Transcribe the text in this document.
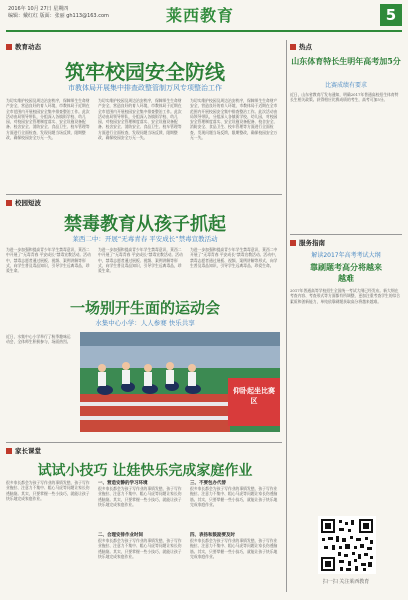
2016年 10月 27日 星期四
编辑：戴红红 版面：张丽 gh113@163.com	莱西教育	5
教育动态
筑牢校园安全防线
市教体局开展集中排查政整管制万风专项整治工作
为切实维护校园及周边治安秩序，保障师生生命财产安全，营造良好的育人环境，市教体局于近期在全市范围内开展校园安全集中排查整治工作。此次活动由局领导带队，分组深入各镇街学校、幼儿园，对校园安全管理制度落实、安全设施设备配备、校舍安全、消防安全、食品卫生、校车管理等方面进行全面检查，发现问题当场反馈，限期整改，确保校园安全万无一失。
为切实维护校园及周边治安秩序，保障师生生命财产安全，营造良好的育人环境，市教体局于近期在全市范围内开展校园安全集中排查整治工作。此次活动由局领导带队，分组深入各镇街学校、幼儿园，对校园安全管理制度落实、安全设施设备配备、校舍安全、消防安全、食品卫生、校车管理等方面进行全面检查，发现问题当场反馈，限期整改，确保校园安全万无一失。
为切实维护校园及周边治安秩序，保障师生生命财产安全，营造良好的育人环境，市教体局于近期在全市范围内开展校园安全集中排查整治工作。此次活动由局领导带队，分组深入各镇街学校、幼儿园，对校园安全管理制度落实、安全设施设备配备、校舍安全、消防安全、食品卫生、校车管理等方面进行全面检查，发现问题当场反馈，限期整改，确保校园安全万无一失。
校园短波
禁毒教育从孩子抓起
莱西二中：开展“无毒青春 平安成长”禁毒宣教活动
为进一步加强和提高青少年学生禁毒意识，莱西二中开展了“无毒青春 平安成长”禁毒宣教活动。活动中，禁毒志愿者通过展板、视频、案例讲解等形式，向学生普及毒品知识，引导学生远离毒品，珍爱生命。
为进一步加强和提高青少年学生禁毒意识，莱西二中开展了“无毒青春 平安成长”禁毒宣教活动。活动中，禁毒志愿者通过展板、视频、案例讲解等形式，向学生普及毒品知识，引导学生远离毒品，珍爱生命。
为进一步加强和提高青少年学生禁毒意识，莱西二中开展了“无毒青春 平安成长”禁毒宣教活动。活动中，禁毒志愿者通过展板、视频、案例讲解等形式，向学生普及毒品知识，引导学生远离毒品，珍爱生命。
一场别开生面的运动会
水集中心小学：人人参赛 快乐共享
近日，水集中心小学举行了秋季趣味运动会，全体师生积极参与，场面热烈。
仰卧起坐比赛区
家长课堂
试试小技巧 让娃快乐完成家庭作业
很多家长都会为孩子写作业的事情发愁，孩子写作业拖拉、注意力不集中、粗心马虎等问题让家长伤透脑筋。其实，只要掌握一些小技巧，就能让孩子快乐地完成家庭作业。
一、营造安静的学习环境
很多家长都会为孩子写作业的事情发愁，孩子写作业拖拉、注意力不集中、粗心马虎等问题让家长伤透脑筋。其实，只要掌握一些小技巧，就能让孩子快乐地完成家庭作业。
二、合理安排作业时间
很多家长都会为孩子写作业的事情发愁，孩子写作业拖拉、注意力不集中、粗心马虎等问题让家长伤透脑筋。其实，只要掌握一些小技巧，就能让孩子快乐地完成家庭作业。
三、不要包办代替
很多家长都会为孩子写作业的事情发愁，孩子写作业拖拉、注意力不集中、粗心马虎等问题让家长伤透脑筋。其实，只要掌握一些小技巧，就能让孩子快乐地完成家庭作业。
四、表扬和鼓励要及时
很多家长都会为孩子写作业的事情发愁，孩子写作业拖拉、注意力不集中、粗心马虎等问题让家长伤透脑筋。其实，只要掌握一些小技巧，就能让孩子快乐地完成家庭作业。
热点
山东体育特长生明年高考加5分
比赛成绩有要求
近日，山东省教育厅发布通知，明确2017年普通高校招生体育特长生相关政策。获得相应比赛成绩的考生，高考可加5分。
服务指南
解读2017年高考考试大纲
靠刷题考高分将越来越难
2017年普通高等学校招生全国统一考试大纲已经发布。新大纲在考查内容、考查形式等方面都有所调整，更加注重考查学生的综合素质和创新能力，单纯依靠刷题获取高分将越来越难。
扫一扫 关注莱西教育
